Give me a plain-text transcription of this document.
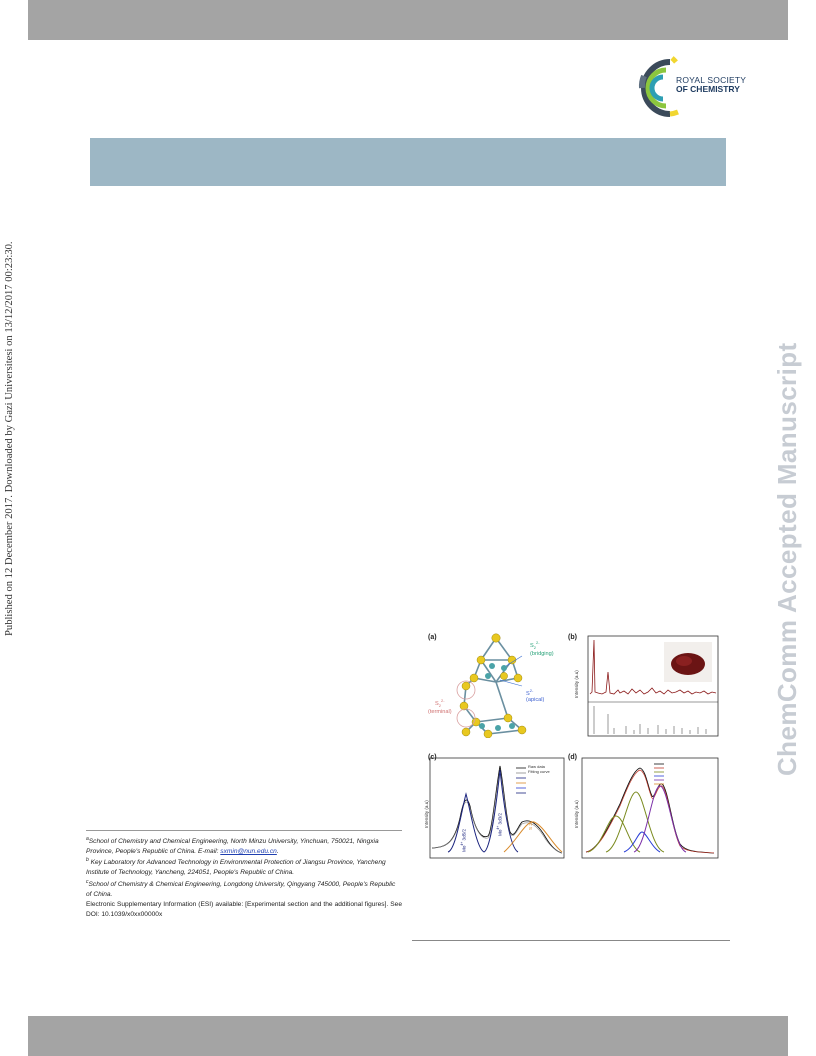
ROYAL SOCIETY
OF CHEMISTRY
Published on 12 December 2017. Downloaded by Gazi Universitesi on 13/12/2017 00:23:30.	ChemComm Accepted Manuscript
(a)
$S_2^{2-}$
(bridging)
$S_2^{2-}$
(terminal)
$S^{2-}$
(apical)
(b)
Intensity (a.u)
(c)
Intensity (a.u)
Raw data
Fitting curve
$Mo^{4+}$ 3d5/2	$Mo^{4+}$ 3d3/2	S 2s
(d)
Intensity (a.u)

$^a$School of Chemistry and Chemical Engineering, North Minzu University, Yinchuan, 750021, Ningxia Province, People's Republic of China. E-mail: sxmin@nun.edu.cn.

$^b$ Key Laboratory for Advanced Technology in Environmental Protection of Jiangsu Province, Yancheng Institute of Technology, Yancheng, 224051, People's Republic of China.

$^c$School of Chemistry & Chemical Engineering, Longdong University, Qingyang 745000, People's Republic of China.

Electronic Supplementary Information (ESI) available: [Experimental section and the additional figures]. See DOI: 10.1039/x0xx00000x
